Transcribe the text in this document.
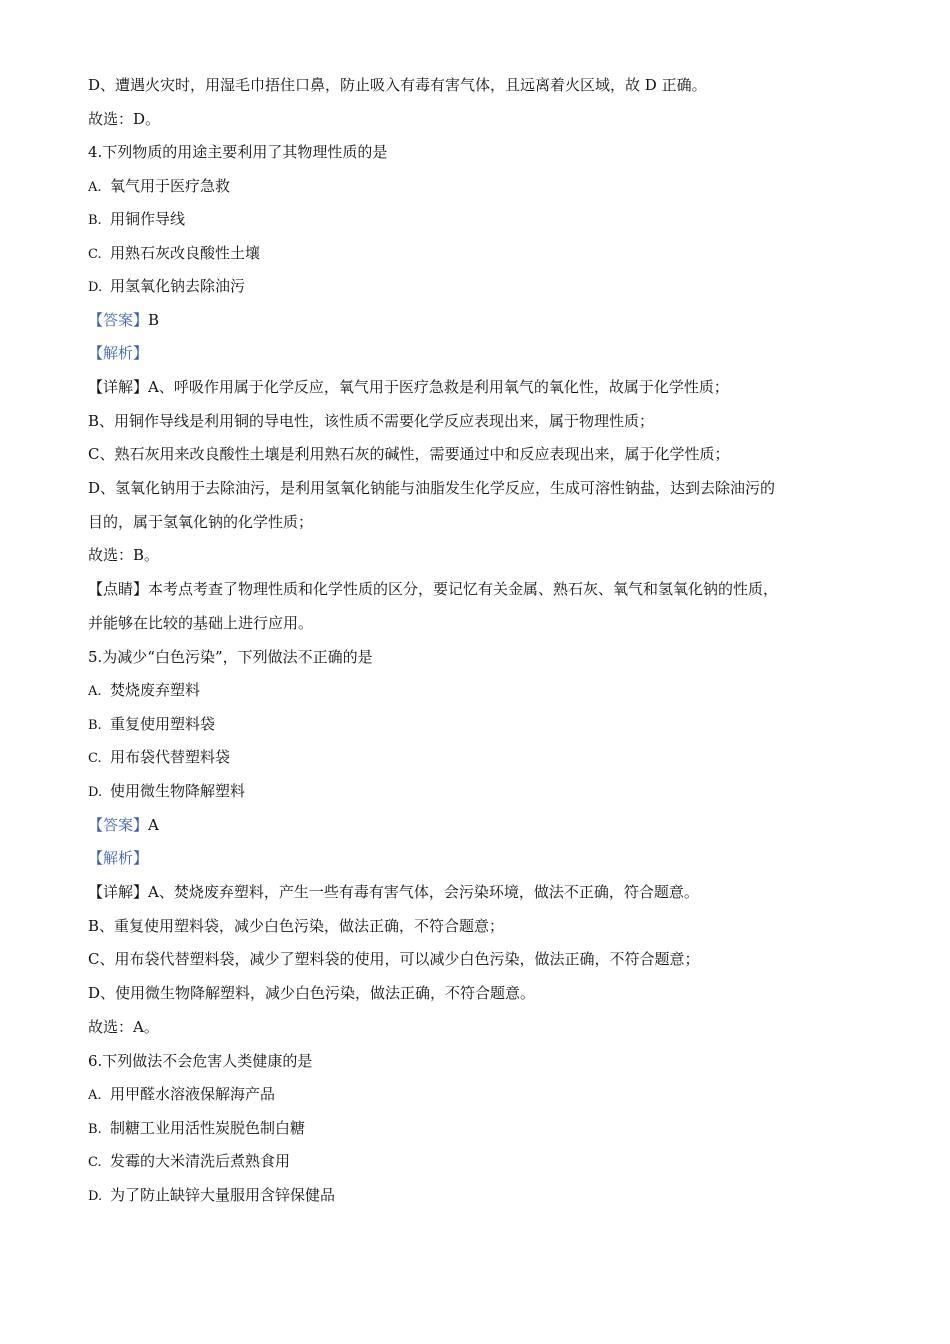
D、遭遇火灾时，用湿毛巾捂住口鼻，防止吸入有毒有害气体，且远离着火区域，故 D 正确。
故选：D。
4.下列物质的用途主要利用了其物理性质的是
A. 氧气用于医疗急救
B. 用铜作导线
C. 用熟石灰改良酸性土壤
D. 用氢氧化钠去除油污
【答案】B
【解析】
【详解】A、呼吸作用属于化学反应，氧气用于医疗急救是利用氧气的氧化性，故属于化学性质；
B、用铜作导线是利用铜的导电性，该性质不需要化学反应表现出来，属于物理性质；
C、熟石灰用来改良酸性土壤是利用熟石灰的碱性，需要通过中和反应表现出来，属于化学性质；
D、氢氧化钠用于去除油污，是利用氢氧化钠能与油脂发生化学反应，生成可溶性钠盐，达到去除油污的
目的，属于氢氧化钠的化学性质；
故选：B。
【点睛】本考点考查了物理性质和化学性质的区分，要记忆有关金属、熟石灰、氧气和氢氧化钠的性质，
并能够在比较的基础上进行应用。
5.为减少“白色污染”，下列做法不正确的是
A. 焚烧废弃塑料
B. 重复使用塑料袋
C. 用布袋代替塑料袋
D. 使用微生物降解塑料
【答案】A
【解析】
【详解】A、焚烧废弃塑料，产生一些有毒有害气体，会污染环境，做法不正确，符合题意。
B、重复使用塑料袋，减少白色污染，做法正确，不符合题意；
C、用布袋代替塑料袋，减少了塑料袋的使用，可以减少白色污染，做法正确，不符合题意；
D、使用微生物降解塑料，减少白色污染，做法正确，不符合题意。
故选：A。
6.下列做法不会危害人类健康的是
A. 用甲醛水溶液保解海产品
B. 制糖工业用活性炭脱色制白糖
C. 发霉的大米清洗后煮熟食用
D. 为了防止缺锌大量服用含锌保健品
